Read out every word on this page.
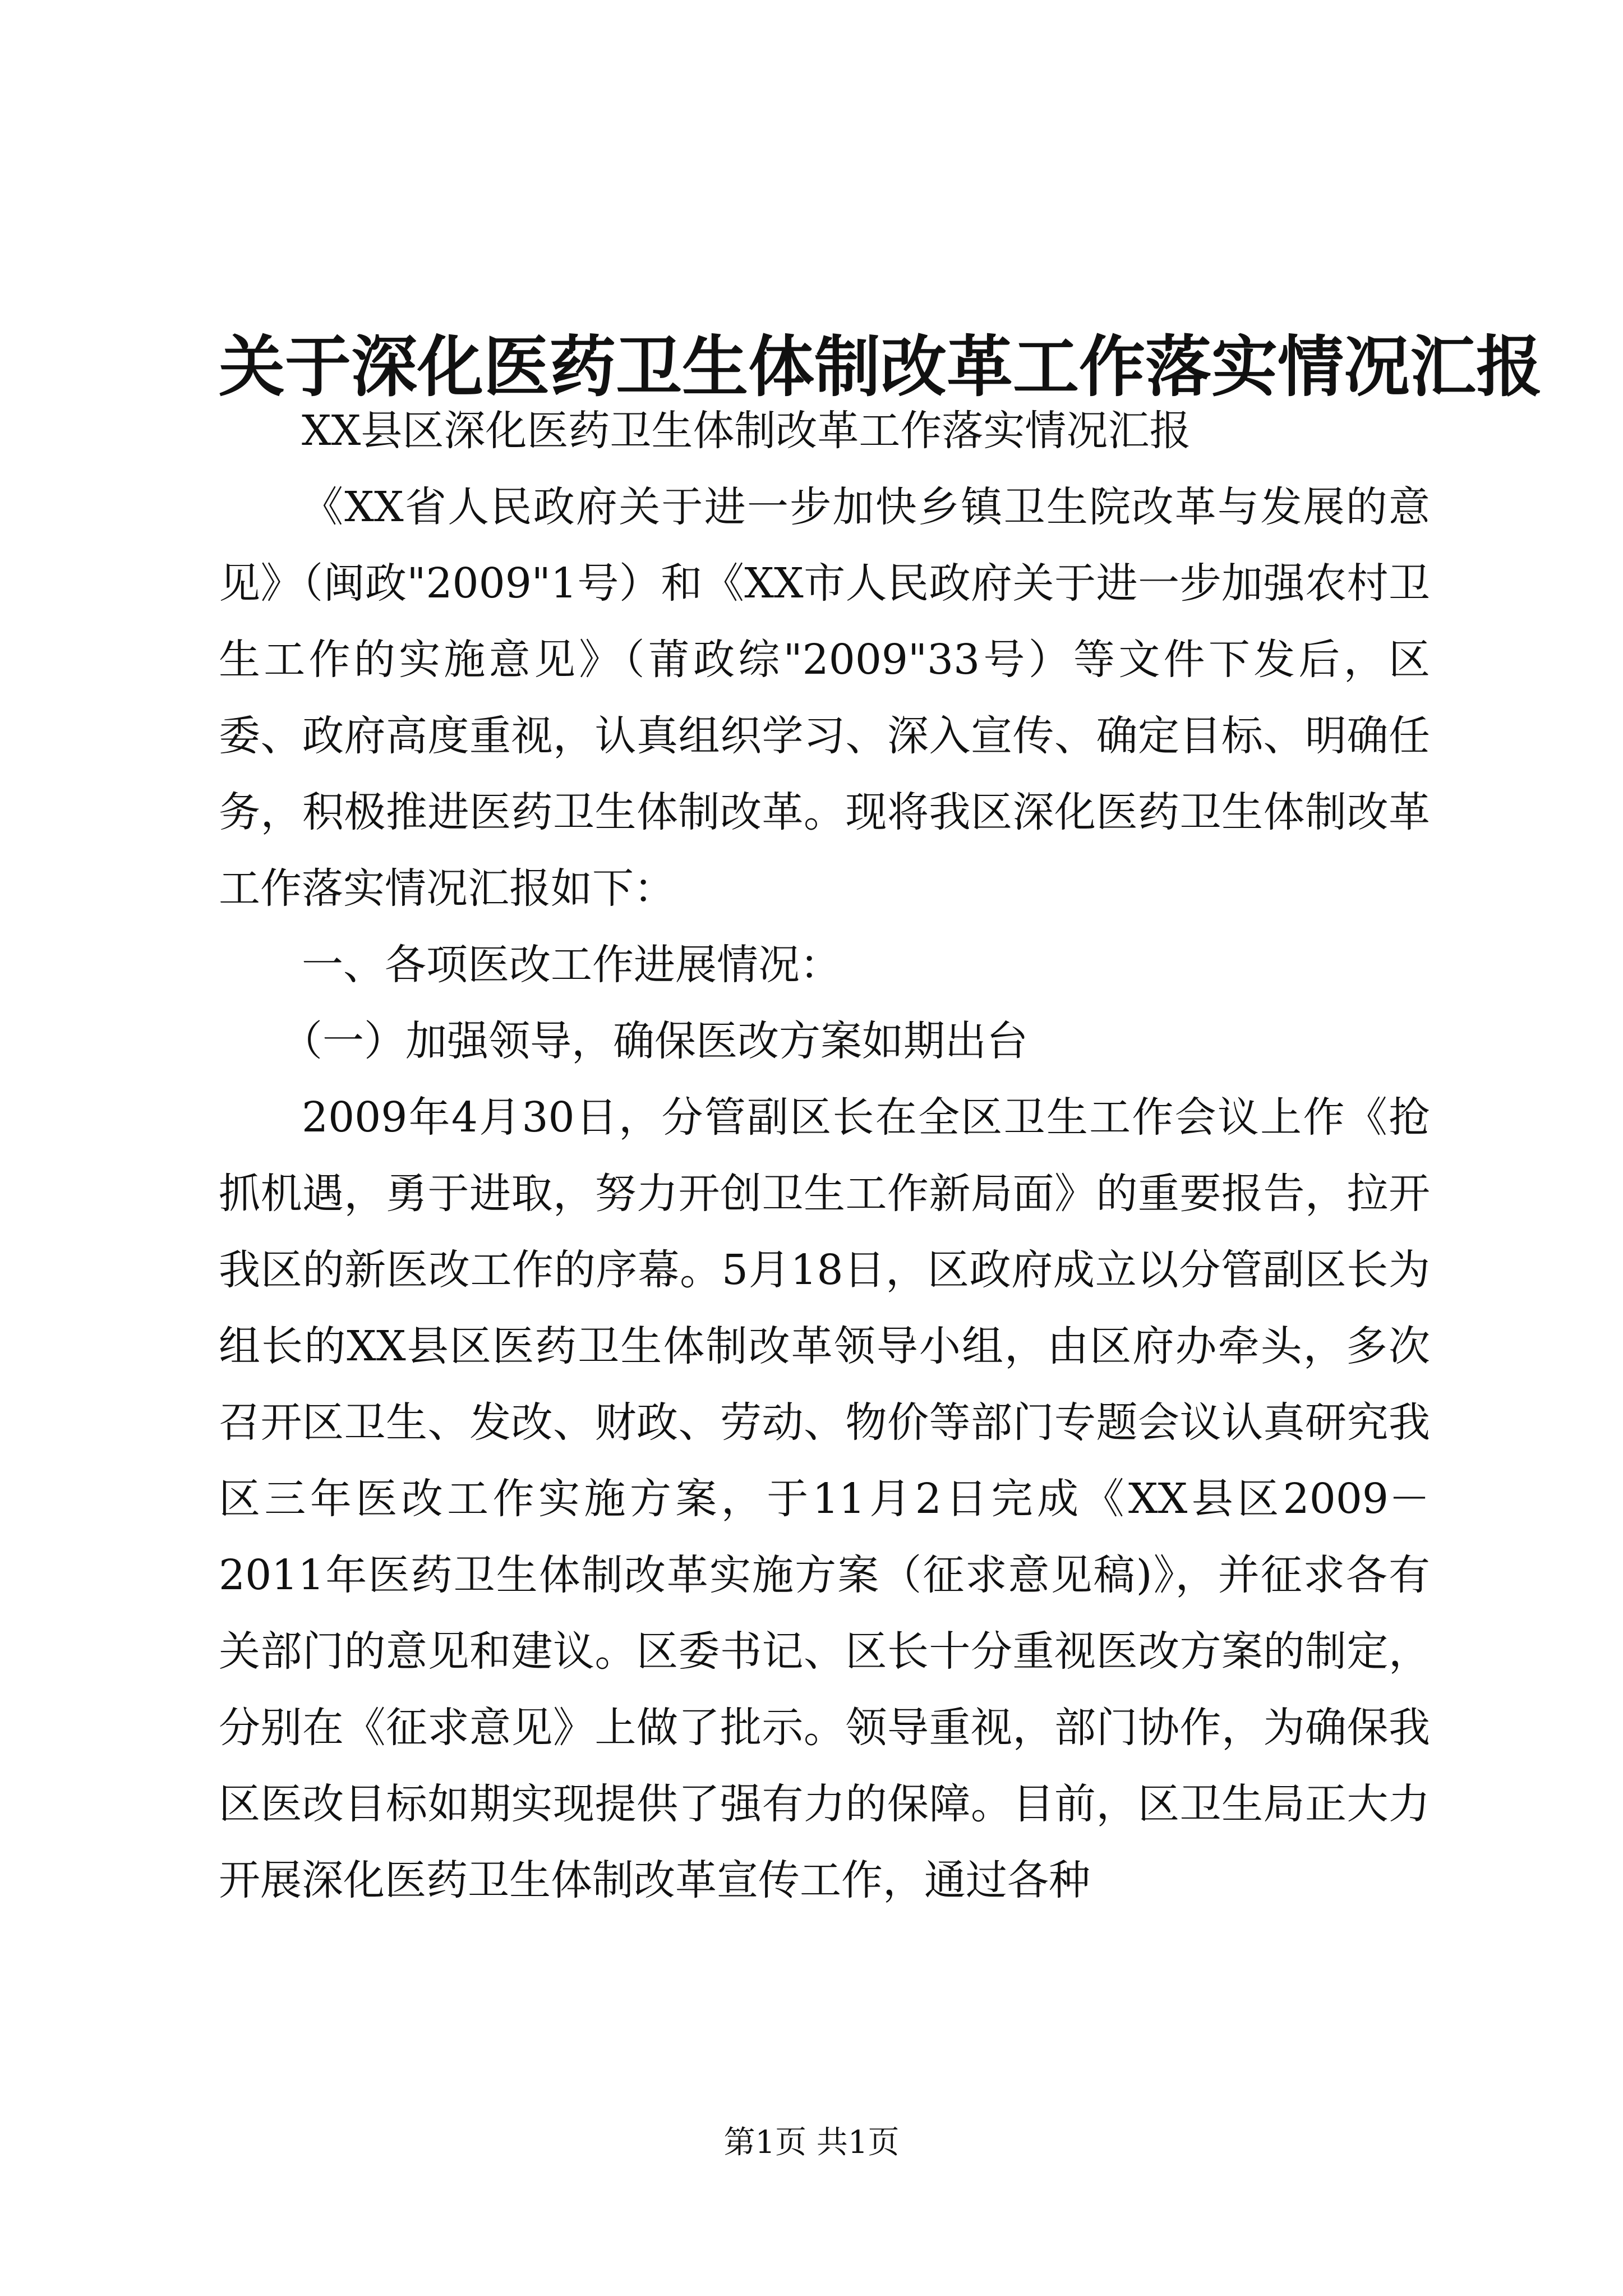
关于深化医药卫生体制改革工作落实情况汇报

XX县区深化医药卫生体制改革工作落实情况汇报

《XX省人民政府关于进一步加快乡镇卫生院改革与发展的意见》（闽政"2009"1号）和《XX市人民政府关于进一步加强农村卫生工作的实施意见》（莆政综"2009"33号）等文件下发后，区委、政府高度重视，认真组织学习、深入宣传、确定目标、明确任务，积极推进医药卫生体制改革。现将我区深化医药卫生体制改革工作落实情况汇报如下：

一、各项医改工作进展情况：

（一）加强领导，确保医改方案如期出台

2009年4月30日，分管副区长在全区卫生工作会议上作《抢抓机遇，勇于进取，努力开创卫生工作新局面》的重要报告，拉开我区的新医改工作的序幕。5月18日，区政府成立以分管副区长为组长的XX县区医药卫生体制改革领导小组，由区府办牵头，多次召开区卫生、发改、财政、劳动、物价等部门专题会议认真研究我区三年医改工作实施方案，于11月2日完成《XX县区2009－2011年医药卫生体制改革实施方案（征求意见稿)》，并征求各有关部门的意见和建议。区委书记、区长十分重视医改方案的制定，分别在《征求意见》上做了批示。领导重视，部门协作，为确保我区医改目标如期实现提供了强有力的保障。目前，区卫生局正大力开展深化医药卫生体制改革宣传工作，通过各种

第1页 共1页
